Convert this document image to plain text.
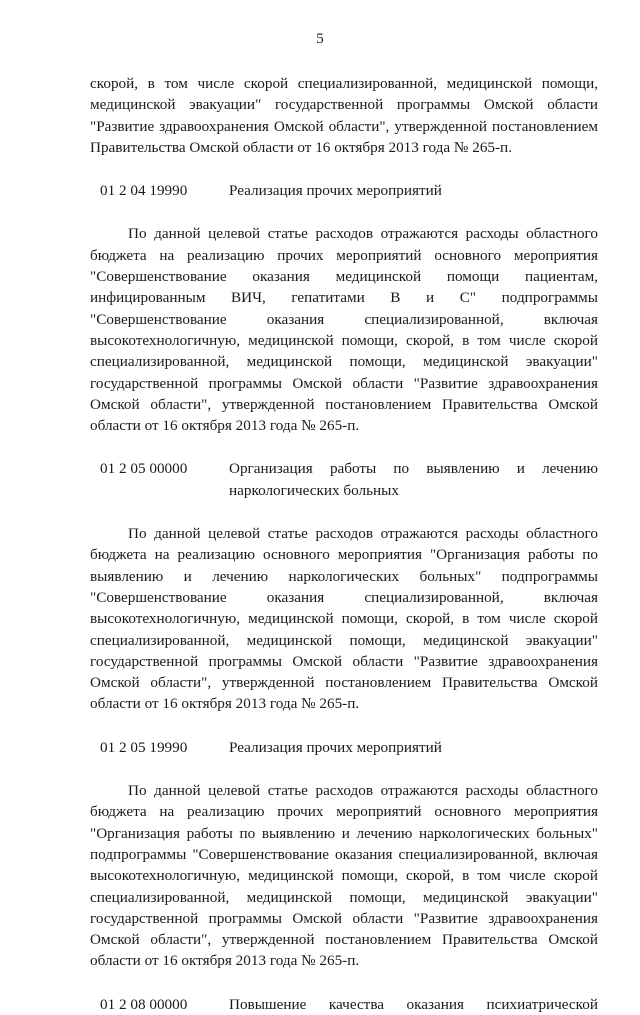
5

скорой, в том числе скорой специализированной, медицинской помощи, медицинской эвакуации" государственной программы Омской области "Развитие здравоохранения Омской области", утвержденной постановлением Правительства Омской области от 16 октября 2013 года № 265-п.

01 2 04 19990	Реализация прочих мероприятий

По данной целевой статье расходов отражаются расходы областного бюджета на реализацию прочих мероприятий основного мероприятия "Совершенствование оказания медицинской помощи пациентам, инфицированным ВИЧ, гепатитами В и С" подпрограммы "Совершенствование оказания специализированной, включая высокотехнологичную, медицинской помощи, скорой, в том числе скорой специализированной, медицинской помощи, медицинской эвакуации" государственной программы Омской области "Развитие здравоохранения Омской области", утвержденной постановлением Правительства Омской области от 16 октября 2013 года № 265-п.

01 2 05 00000	Организация работы по выявлению и лечению наркологических больных

По данной целевой статье расходов отражаются расходы областного бюджета на реализацию основного мероприятия "Организация работы по выявлению и лечению наркологических больных" подпрограммы "Совершенствование оказания специализированной, включая высокотехнологичную, медицинской помощи, скорой, в том числе скорой специализированной, медицинской помощи, медицинской эвакуации" государственной программы Омской области "Развитие здравоохранения Омской области", утвержденной постановлением Правительства Омской области от 16 октября 2013 года № 265-п.

01 2 05 19990	Реализация прочих мероприятий

По данной целевой статье расходов отражаются расходы областного бюджета на реализацию прочих мероприятий основного мероприятия "Организация работы по выявлению и лечению наркологических больных" подпрограммы "Совершенствование оказания специализированной, включая высокотехнологичную, медицинской помощи, скорой, в том числе скорой специализированной, медицинской помощи, медицинской эвакуации" государственной программы Омской области "Развитие здравоохранения Омской области", утвержденной постановлением Правительства Омской области от 16 октября 2013 года № 265-п.

01 2 08 00000	Повышение качества оказания психиатрической
